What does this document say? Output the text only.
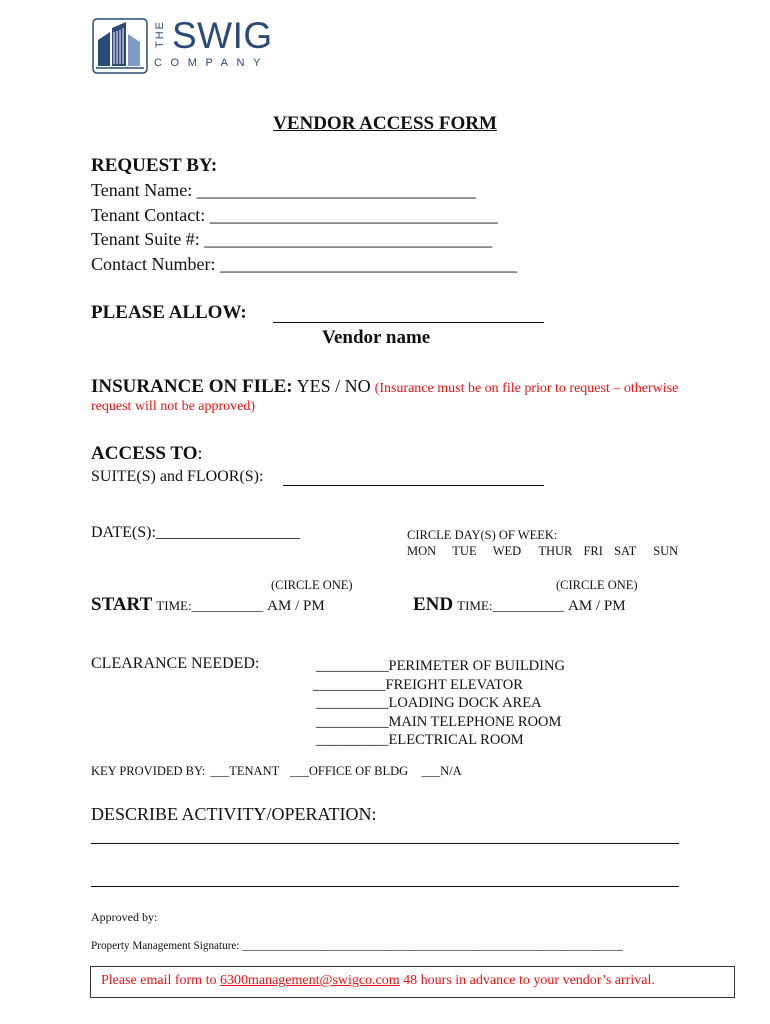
THE SWIG
COMPANY
VENDOR ACCESS FORM
REQUEST BY:
Tenant Name: _______________________________
Tenant Contact: ________________________________
Tenant Suite #: ________________________________
Contact Number: _________________________________
PLEASE ALLOW:
Vendor name
INSURANCE ON FILE: YES / NO (Insurance must be on file prior to request – otherwise
request will not be approved)
ACCESS TO:
SUITE(S) and FLOOR(S):
DATE(S):__________________	CIRCLE DAY(S) OF WEEK:
MON TUE WED THUR FRI SAT SUN
(CIRCLE ONE)	(CIRCLE ONE)
START TIME:___________ AM / PM	END TIME:___________ AM / PM
CLEARANCE NEEDED:	__________PERIMETER OF BUILDING
__________FREIGHT ELEVATOR
__________LOADING DOCK AREA
__________MAIN TELEPHONE ROOM
__________ELECTRICAL ROOM
KEY PROVIDED BY: ___TENANT ___OFFICE OF BLDG ___N/A
DESCRIBE ACTIVITY/OPERATION:
Approved by:
Property Management Signature: ____________________________________________________________________
Please email form to 6300management@swigco.com 48 hours in advance to your vendor’s arrival.
